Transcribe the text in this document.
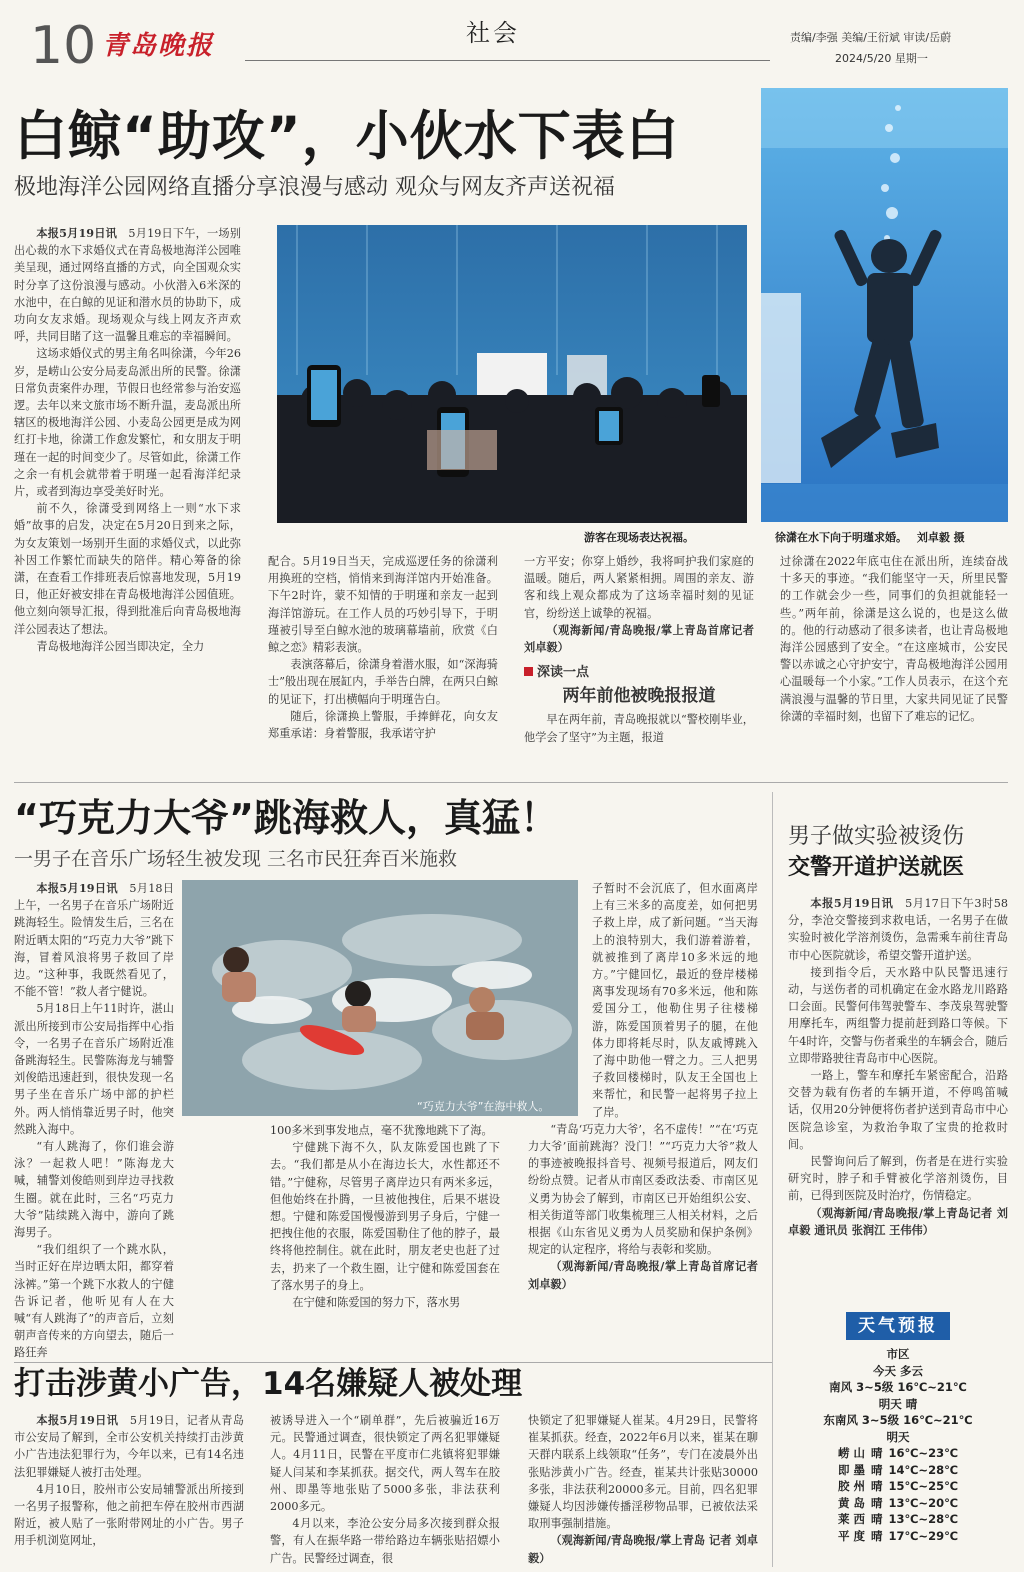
10 青岛晚报	社会	责编/李强 美编/王衍斌 审读/岳蔚
2024/5/20 星期一
白鲸“助攻”，小伙水下表白
极地海洋公园网络直播分享浪漫与感动 观众与网友齐声送祝福
徐潇在水下向于明瑾求婚。 刘卓毅 摄
游客在现场表达祝福。

本报5月19日讯　 5月19日下午，一场别出心裁的水下求婚仪式在青岛极地海洋公园唯美呈现，通过网络直播的方式，向全国观众实时分享了这份浪漫与感动。小伙潜入6米深的水池中，在白鲸的见证和潜水员的协助下，成功向女友求婚。现场观众与线上网友齐声欢呼，共同目睹了这一温馨且难忘的幸福瞬间。

这场求婚仪式的男主角名叫徐潇，今年26岁，是崂山公安分局麦岛派出所的民警。徐潇日常负责案件办理，节假日也经常参与治安巡逻。去年以来文旅市场不断升温，麦岛派出所辖区的极地海洋公园、小麦岛公园更是成为网红打卡地，徐潇工作愈发繁忙，和女朋友于明瑾在一起的时间变少了。尽管如此，徐潇工作之余一有机会就带着于明瑾一起看海洋纪录片，或者到海边享受美好时光。

前不久，徐潇受到网络上一则“水下求婚”故事的启发，决定在5月20日到来之际，为女友策划一场别开生面的求婚仪式，以此弥补因工作繁忙而缺失的陪伴。精心筹备的徐潇，在查看工作排班表后惊喜地发现，5月19日，他正好被安排在青岛极地海洋公园值班。他立刻向领导汇报，得到批准后向青岛极地海洋公园表达了想法。

青岛极地海洋公园当即决定，全力

配合。5月19日当天，完成巡逻任务的徐潇利用换班的空档，悄悄来到海洋馆内开始准备。下午2时许，蒙不知情的于明瑾和亲友一起到海洋馆游玩。在工作人员的巧妙引导下，于明瑾被引导至白鲸水池的玻璃幕墙前，欣赏《白鲸之恋》精彩表演。

表演落幕后，徐潇身着潜水服，如“深海骑士”般出现在展缸内，手举告白牌，在两只白鲸的见证下，打出横幅向于明瑾告白。

随后，徐潇换上警服，手捧鲜花，向女友郑重承诺：身着警服，我承诺守护

一方平安；你穿上婚纱，我将呵护我们家庭的温暖。随后，两人紧紧相拥。周围的亲友、游客和线上观众都成为了这场幸福时刻的见证官，纷纷送上诚挚的祝福。

（观海新闻/青岛晚报/掌上青岛首席记者 刘卓毅）

深读一点
两年前他被晚报报道

早在两年前，青岛晚报就以“警校刚毕业，他学会了坚守”为主题，报道

过徐潇在2022年底屯住在派出所，连续奋战十多天的事迹。“我们能坚守一天，所里民警的工作就会少一些，同事们的负担就能轻一些。”两年前，徐潇是这么说的，也是这么做的。他的行动感动了很多读者，也让青岛极地海洋公园感到了安全。“在这座城市，公安民警以赤诚之心守护安宁，青岛极地海洋公园用心温暖每一个小家。”工作人员表示，在这个充满浪漫与温馨的节日里，大家共同见证了民警徐潇的幸福时刻，也留下了难忘的记忆。

“巧克力大爷”跳海救人，真猛！
一男子在音乐广场轻生被发现 三名市民狂奔百米施救
“巧克力大爷”在海中救人。

本报5月19日讯　 5月18日上午，一名男子在音乐广场附近跳海轻生。险情发生后，三名在附近晒太阳的“巧克力大爷”跳下海，冒着风浪将男子救回了岸边。“这种事，我既然看见了，不能不管！”救人者宁健说。

5月18日上午11时许，湛山派出所接到市公安局指挥中心指令，一名男子在音乐广场附近准备跳海轻生。民警陈海龙与辅警刘俊皓迅速赶到，很快发现一名男子坐在音乐广场中部的护栏外。两人悄悄靠近男子时，他突然跳入海中。

“有人跳海了，你们谁会游泳？一起救人吧！”陈海龙大喊，辅警刘俊皓则到岸边寻找救生圈。就在此时，三名“巧克力大爷”陆续跳入海中，游向了跳海男子。

“我们组织了一个跳水队，当时正好在岸边晒太阳，都穿着泳裤。”第一个跳下水救人的宁健告诉记者，他听见有人在大喊“有人跳海了”的声音后，立刻朝声音传来的方向望去，随后一路狂奔

100多米到事发地点，毫不犹豫地跳下了海。

宁健跳下海不久，队友陈爱国也跳了下去。“我们都是从小在海边长大，水性都还不错。”宁健称，尽管男子离岸边只有两米多远，但他始终在扑腾，一旦被他拽住，后果不堪设想。宁健和陈爱国慢慢游到男子身后，宁健一把拽住他的衣服，陈爱国勒住了他的脖子，最终将他控制住。就在此时，朋友老史也赶了过去，扔来了一个救生圈，让宁健和陈爱国套在了落水男子的身上。

在宁健和陈爱国的努力下，落水男

子暂时不会沉底了，但水面离岸上有三米多的高度差，如何把男子救上岸，成了新问题。“当天海上的浪特别大，我们游着游着，就被推到了离岸10多米远的地方。”宁健回忆，最近的登岸楼梯离事发现场有70多米远，他和陈爱国分工，他勒住男子往楼梯游，陈爱国顶着男子的腿，在他体力即将耗尽时，队友戚博跳入了海中助他一臂之力。三人把男子救回楼梯时，队友王全国也上来帮忙，和民警一起将男子拉上了岸。

“青岛‘巧克力大爷’，名不虚传！”“在‘巧克力大爷’面前跳海？没门！”“巧克力大爷”救人的事迹被晚报抖音号、视频号报道后，网友们纷纷点赞。记者从市南区委政法委、市南区见义勇为协会了解到，市南区已开始组织公安、相关街道等部门收集梳理三人相关材料，之后根据《山东省见义勇为人员奖励和保护条例》规定的认定程序，将给与表彰和奖励。

（观海新闻/青岛晚报/掌上青岛首席记者 刘卓毅）

男子做实验被烫伤
交警开道护送就医

本报5月19日讯　 5月17日下午3时58分，李沧交警接到求救电话，一名男子在做实验时被化学溶剂烫伤，急需乘车前往青岛市中心医院就诊，希望交警开道护送。

接到指令后，天水路中队民警迅速行动，与送伤者的司机确定在金水路龙川路路口会面。民警何伟驾驶警车、李茂泉驾驶警用摩托车，两组警力提前赶到路口等候。下午4时许，交警与伤者乘坐的车辆会合，随后立即带路驶往青岛市中心医院。

一路上，警车和摩托车紧密配合，沿路交替为载有伤者的车辆开道，不停鸣笛喊话，仅用20分钟便将伤者护送到青岛市中心医院急诊室，为救治争取了宝贵的抢救时间。

民警询问后了解到，伤者是在进行实验研究时，脖子和手臂被化学溶剂烫伤，目前，已得到医院及时治疗，伤情稳定。

（观海新闻/青岛晚报/掌上青岛记者 刘卓毅 通讯员 张润江 王伟伟）

天气预报
市区
今天 多云
南风 3~5级 16℃~21℃
明天 晴
东南风 3~5级 16℃~21℃
明天
崂 山 晴 16℃~23℃
即 墨 晴 14℃~28℃
胶 州 晴 15℃~25℃
黄 岛 晴 13℃~20℃
莱 西 晴 13℃~28℃
平 度 晴 17℃~29℃
打击涉黄小广告，14名嫌疑人被处理

本报5月19日讯　 5月19日，记者从青岛市公安局了解到，全市公安机关持续打击涉黄小广告违法犯罪行为，今年以来，已有14名违法犯罪嫌疑人被打击处理。

4月10日，胶州市公安局辅警派出所接到一名男子报警称，他之前把车停在胶州市西湖附近，被人贴了一张附带网址的小广告。男子用手机浏览网址，

被诱导进入一个“刷单群”，先后被骗近16万元。民警通过调查，很快锁定了两名犯罪嫌疑人。4月11日，民警在平度市仁兆镇将犯罪嫌疑人闫某和李某抓获。据交代，两人驾车在胶州、即墨等地张贴了5000多张，非法获利2000多元。

4月以来，李沧公安分局多次接到群众报警，有人在振华路一带给路边车辆张贴招嫖小广告。民警经过调查，很

快锁定了犯罪嫌疑人崔某。4月29日，民警将崔某抓获。经查，2022年6月以来，崔某在聊天群内联系上线领取“任务”，专门在凌晨外出张贴涉黄小广告。经查，崔某共计张贴30000多张，非法获利20000多元。目前，四名犯罪嫌疑人均因涉嫌传播淫秽物品罪，已被依法采取刑事强制措施。

（观海新闻/青岛晚报/掌上青岛 记者 刘卓毅）
